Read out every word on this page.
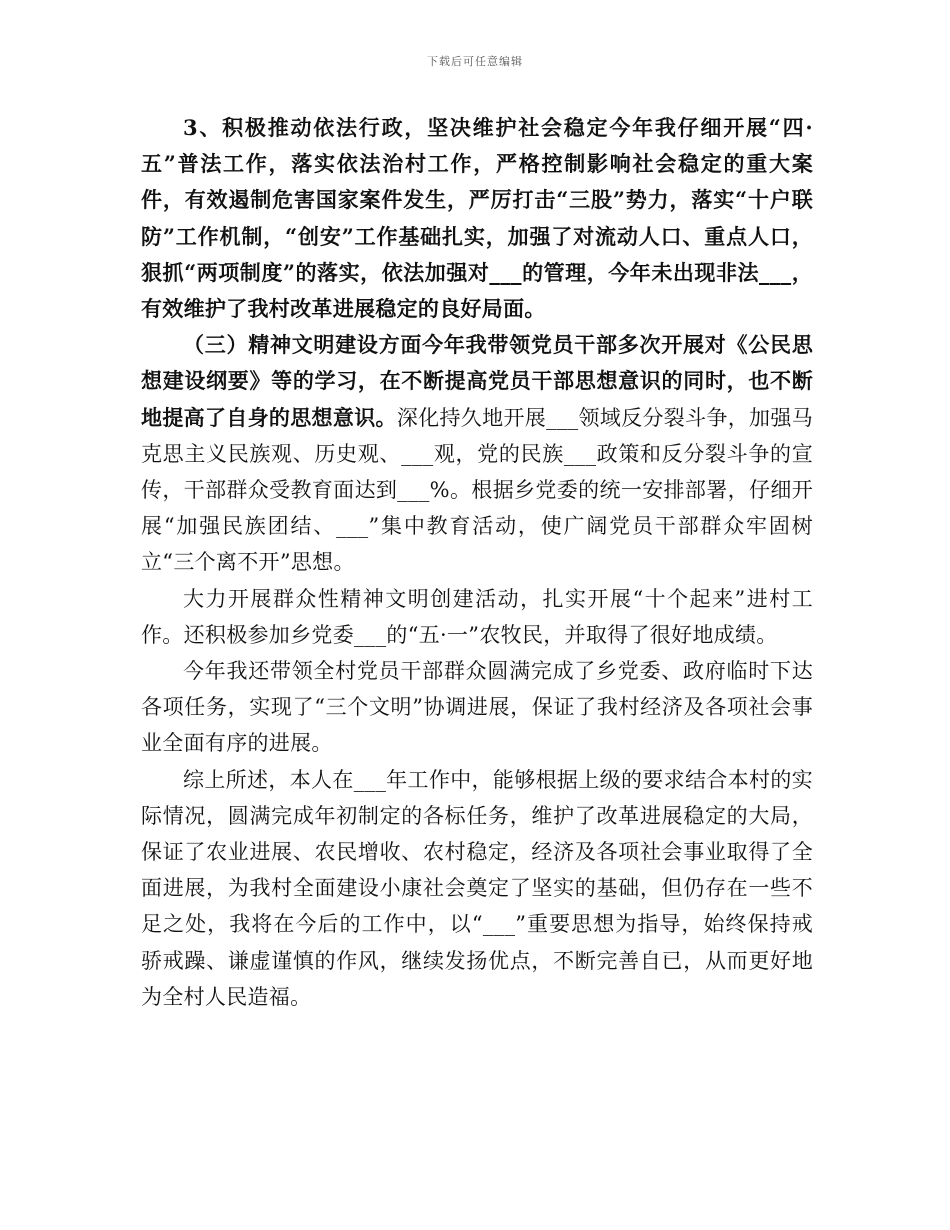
下载后可任意编辑

3、积极推动依法行政，坚决维护社会稳定今年我仔细开展“四·五”普法工作，落实依法治村工作，严格控制影响社会稳定的重大案件，有效遏制危害国家案件发生，严厉打击“三股”势力，落实“十户联防”工作机制，“创安”工作基础扎实，加强了对流动人口、重点人口，狠抓“两项制度”的落实，依法加强对___的管理，今年未出现非法___，有效维护了我村改革进展稳定的良好局面。

（三）精神文明建设方面今年我带领党员干部多次开展对《公民思想建设纲要》等的学习，在不断提高党员干部思想意识的同时，也不断地提高了自身的思想意识。深化持久地开展___领域反分裂斗争，加强马克思主义民族观、历史观、___观，党的民族___政策和反分裂斗争的宣传，干部群众受教育面达到___%。根据乡党委的统一安排部署，仔细开展“加强民族团结、___”集中教育活动，使广阔党员干部群众牢固树立“三个离不开”思想。

大力开展群众性精神文明创建活动，扎实开展“十个起来”进村工作。还积极参加乡党委___的“五·一”农牧民，并取得了很好地成绩。

今年我还带领全村党员干部群众圆满完成了乡党委、政府临时下达各项任务，实现了“三个文明”协调进展，保证了我村经济及各项社会事业全面有序的进展。

综上所述，本人在___年工作中，能够根据上级的要求结合本村的实际情况，圆满完成年初制定的各标任务，维护了改革进展稳定的大局，保证了农业进展、农民增收、农村稳定，经济及各项社会事业取得了全面进展，为我村全面建设小康社会奠定了坚实的基础，但仍存在一些不足之处，我将在今后的工作中，以“___”重要思想为指导，始终保持戒骄戒躁、谦虚谨慎的作风，继续发扬优点，不断完善自已，从而更好地为全村人民造福。
